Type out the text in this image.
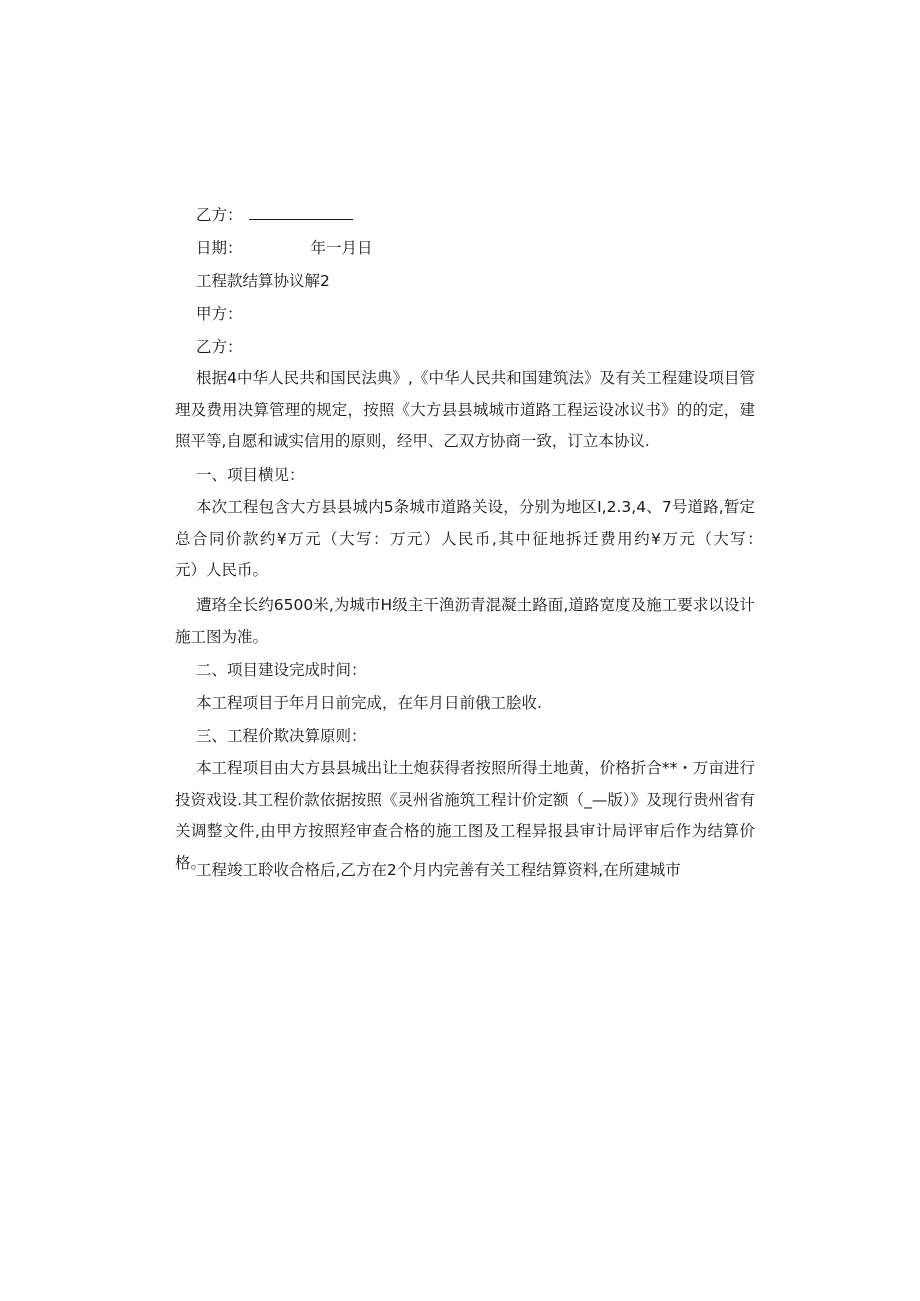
乙方：
日期：	年一月日
工程款结算协议解2
甲方：
乙方：
根据4中华人民共和国民法典》,《中华人民共和国建筑法》及有关工程建设项目管理及费用决算管理的规定，按照《大方县县城城市道路工程运设冰议书》的的定，建照平等,自愿和诚实信用的原则，经甲、乙双方协商一致，订立本协议.
一、项目横见：
本次工程包含大方县县城内5条城市道路关设，分别为地区I,2.3,4、7号道路,暂定总合同价款约¥万元（大写：万元）人民币,其中征地拆迁费用约¥万元（大写：　　　元）人民币。
遭珞全长约6500米,为城市H级主干渔沥青混凝土路面,道路宽度及施工要求以设计施工图为准。
二、项目建设完成时间：
本工程项目于年月日前完成，在年月日前俄工脍收.
三、工程价欺决算原则：
本工程项目由大方县县城出让土炮获得者按照所得土地黄，价格折合**・万亩进行投资戏设.其工程价款依据按照《灵州省施筑工程计价定额（_—版）》及现行贵州省有关调整文件,由甲方按照羟审查合格的施工图及工程异报县审计局评审后作为结算价格。
工程竣工聆收合格后,乙方在2个月内完善有关工程结算资料,在所建城市
